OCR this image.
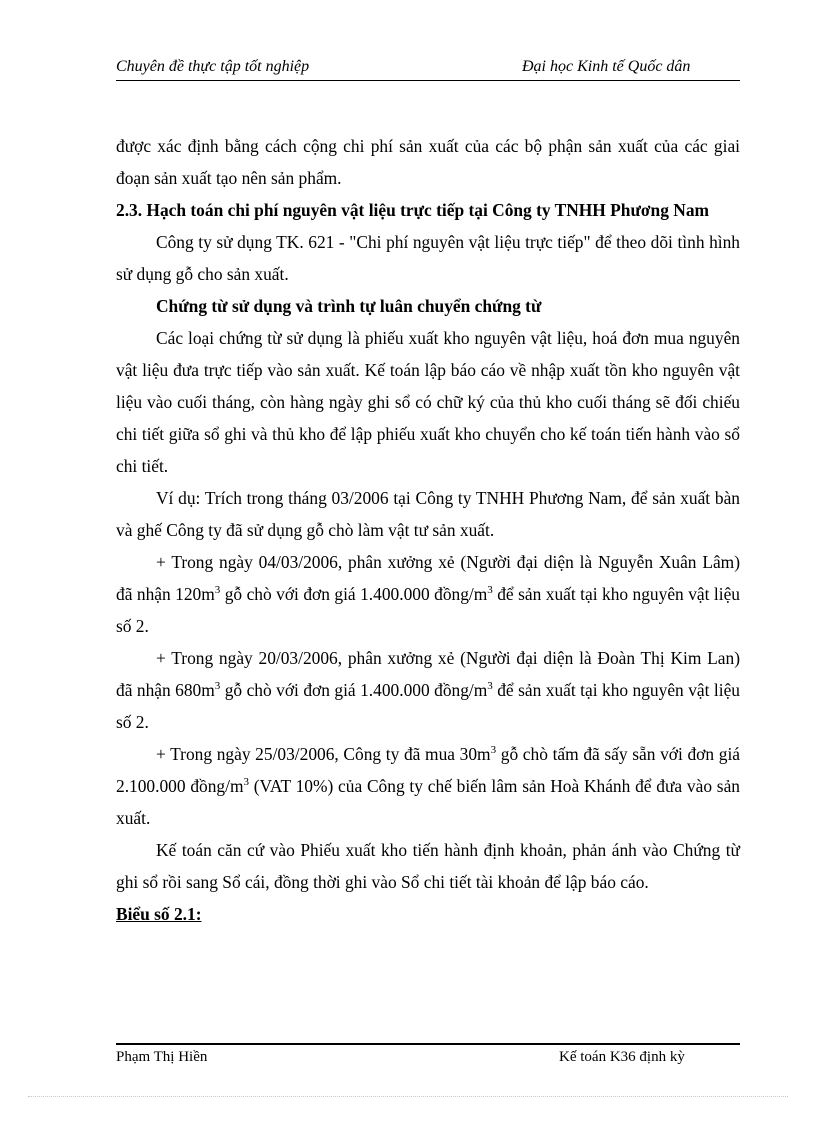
Chuyên đề thực tập tốt nghiệp	Đại học Kinh tế Quốc dân

được xác định bằng cách cộng chi phí sản xuất của các bộ phận sản xuất của các giai đoạn sản xuất tạo nên sản phẩm.

2.3. Hạch toán chi phí nguyên vật liệu trực tiếp tại Công ty TNHH Phương Nam

Công ty sử dụng TK. 621 - "Chi phí nguyên vật liệu trực tiếp" để theo dõi tình hình sử dụng gỗ cho sản xuất.

Chứng từ sử dụng và trình tự luân chuyển chứng từ

Các loại chứng từ sử dụng là phiếu xuất kho nguyên vật liệu, hoá đơn mua nguyên vật liệu đưa trực tiếp vào sản xuất. Kế toán lập báo cáo về nhập xuất tồn kho nguyên vật liệu vào cuối tháng, còn hàng ngày ghi sổ có chữ ký của thủ kho cuối tháng sẽ đối chiếu chi tiết giữa sổ ghi và thủ kho để lập phiếu xuất kho chuyển cho kế toán tiến hành vào sổ chi tiết.

Ví dụ: Trích trong tháng 03/2006 tại Công ty TNHH Phương Nam, để sản xuất bàn và ghế Công ty đã sử dụng gỗ chò làm vật tư sản xuất.

+ Trong ngày 04/03/2006, phân xưởng xẻ (Người đại diện là Nguyễn Xuân Lâm) đã nhận $120m^3$ gỗ chò với đơn giá 1.400.000 đồng/$m^3$ để sản xuất tại kho nguyên vật liệu số 2.

+ Trong ngày 20/03/2006, phân xưởng xẻ (Người đại diện là Đoàn Thị Kim Lan) đã nhận $680m^3$ gỗ chò với đơn giá 1.400.000 đồng/$m^3$ để sản xuất tại kho nguyên vật liệu số 2.

+ Trong ngày 25/03/2006, Công ty đã mua $30m^3$ gỗ chò tấm đã sấy sẵn với đơn giá 2.100.000 đồng/$m^3$ (VAT 10%) của Công ty chế biến lâm sản Hoà Khánh để đưa vào sản xuất.

Kế toán căn cứ vào Phiếu xuất kho tiến hành định khoản, phản ánh vào Chứng từ ghi sổ rồi sang Sổ cái, đồng thời ghi vào Sổ chi tiết tài khoản để lập báo cáo.

Biểu số 2.1:

Phạm Thị Hiền	Kế toán K36 định kỳ
